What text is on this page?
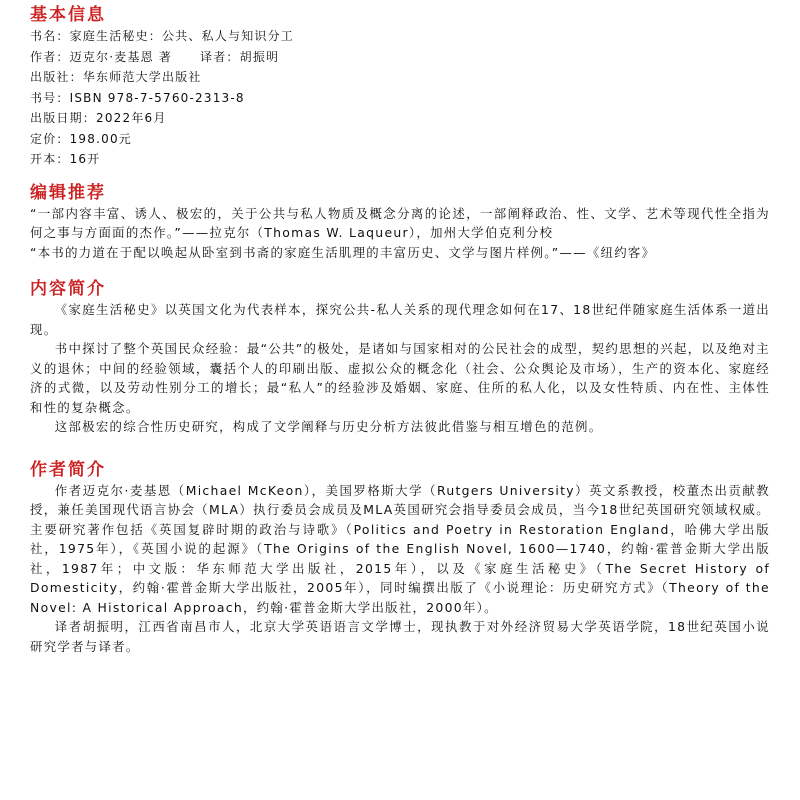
基本信息
书名：家庭生活秘史：公共、私人与知识分工
作者：迈克尔·麦基恩 著 译者：胡振明
出版社：华东师范大学出版社
书号：ISBN 978-7-5760-2313-8
出版日期：2022年6月
定价：198.00元
开本：16开
编辑推荐

“一部内容丰富、诱人、极宏的，关于公共与私人物质及概念分离的论述，一部阐释政治、性、文学、艺术等现代性全指为何之事与方面面的杰作。”——拉克尔（Thomas W. Laqueur），加州大学伯克利分校

“本书的力道在于配以唤起从卧室到书斋的家庭生活肌理的丰富历史、文学与图片样例。”——《纽约客》

内容简介

《家庭生活秘史》以英国文化为代表样本，探究公共-私人关系的现代理念如何在17、18世纪伴随家庭生活体系一道出现。

书中探讨了整个英国民众经验：最“公共”的极处，是诸如与国家相对的公民社会的成型，契约思想的兴起，以及绝对主义的退休；中间的经验领域，囊括个人的印刷出版、虚拟公众的概念化（社会、公众舆论及市场），生产的资本化、家庭经济的式微，以及劳动性别分工的增长；最“私人”的经验涉及婚姻、家庭、住所的私人化，以及女性特质、内在性、主体性和性的复杂概念。

这部极宏的综合性历史研究，构成了文学阐释与历史分析方法彼此借鉴与相互增色的范例。

作者简介

作者迈克尔·麦基恩（Michael McKeon），美国罗格斯大学（Rutgers University）英文系教授，校董杰出贡献教授，兼任美国现代语言协会（MLA）执行委员会成员及MLA英国研究会指导委员会成员，当今18世纪英国研究领域权威。主要研究著作包括《英国复辟时期的政治与诗歌》（Politics and Poetry in Restoration England，哈佛大学出版社，1975年），《英国小说的起源》（The Origins of the English Novel, 1600—1740，约翰·霍普金斯大学出版社，1987年；中文版：华东师范大学出版社，2015年），以及《家庭生活秘史》（The Secret History of Domesticity，约翰·霍普金斯大学出版社，2005年），同时编撰出版了《小说理论：历史研究方式》（Theory of the Novel: A Historical Approach，约翰·霍普金斯大学出版社，2000年）。

译者胡振明，江西省南昌市人，北京大学英语语言文学博士，现执教于对外经济贸易大学英语学院，18世纪英国小说研究学者与译者。
